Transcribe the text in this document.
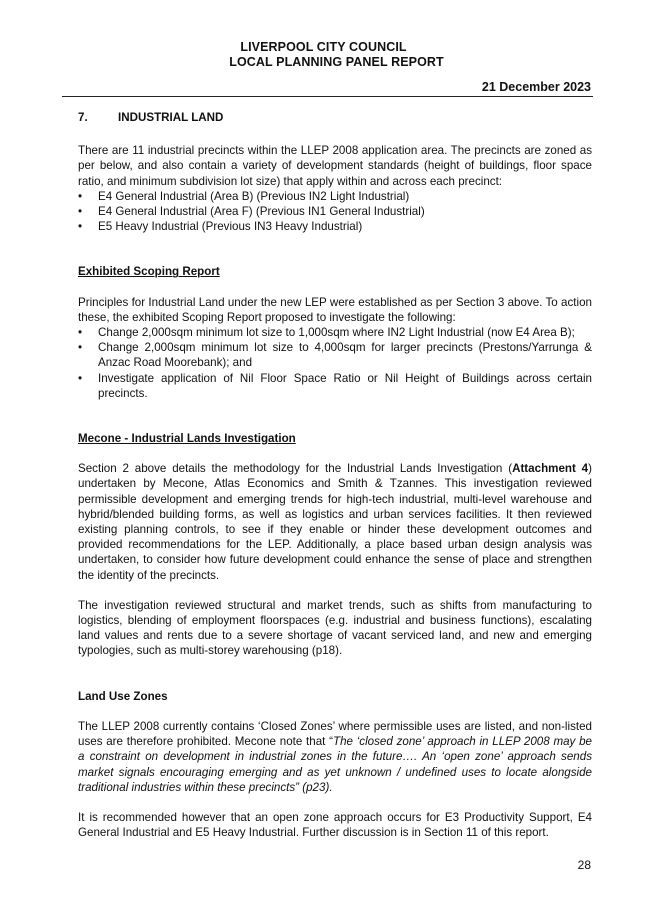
LIVERPOOL CITY COUNCIL
LOCAL PLANNING PANEL REPORT
21 December 2023

7.	INDUSTRIAL LAND

There are 11 industrial precincts within the LLEP 2008 application area. The precincts are zoned as per below, and also contain a variety of development standards (height of buildings, floor space ratio, and minimum subdivision lot size) that apply within and across each precinct:

• E4 General Industrial (Area B) (Previous IN2 Light Industrial)
• E4 General Industrial (Area F) (Previous IN1 General Industrial)
• E5 Heavy Industrial (Previous IN3 Heavy Industrial)

Exhibited Scoping Report

Principles for Industrial Land under the new LEP were established as per Section 3 above. To action these, the exhibited Scoping Report proposed to investigate the following:

• Change 2,000sqm minimum lot size to 1,000sqm where IN2 Light Industrial (now E4 Area B);
• Change 2,000sqm minimum lot size to 4,000sqm for larger precincts (Prestons/Yarrunga & Anzac Road Moorebank); and
• Investigate application of Nil Floor Space Ratio or Nil Height of Buildings across certain precincts.

Mecone - Industrial Lands Investigation

Section 2 above details the methodology for the Industrial Lands Investigation (Attachment 4) undertaken by Mecone, Atlas Economics and Smith & Tzannes. This investigation reviewed permissible development and emerging trends for high-tech industrial, multi-level warehouse and hybrid/blended building forms, as well as logistics and urban services facilities. It then reviewed existing planning controls, to see if they enable or hinder these development outcomes and provided recommendations for the LEP. Additionally, a place based urban design analysis was undertaken, to consider how future development could enhance the sense of place and strengthen the identity of the precincts.

The investigation reviewed structural and market trends, such as shifts from manufacturing to logistics, blending of employment floorspaces (e.g. industrial and business functions), escalating land values and rents due to a severe shortage of vacant serviced land, and new and emerging typologies, such as multi-storey warehousing (p18).

Land Use Zones

The LLEP 2008 currently contains ‘Closed Zones’ where permissible uses are listed, and non-listed uses are therefore prohibited. Mecone note that “The ‘closed zone’ approach in LLEP 2008 may be a constraint on development in industrial zones in the future…. An ‘open zone’ approach sends market signals encouraging emerging and as yet unknown / undefined uses to locate alongside traditional industries within these precincts” (p23).

It is recommended however that an open zone approach occurs for E3 Productivity Support, E4 General Industrial and E5 Heavy Industrial. Further discussion is in Section 11 of this report.

28
